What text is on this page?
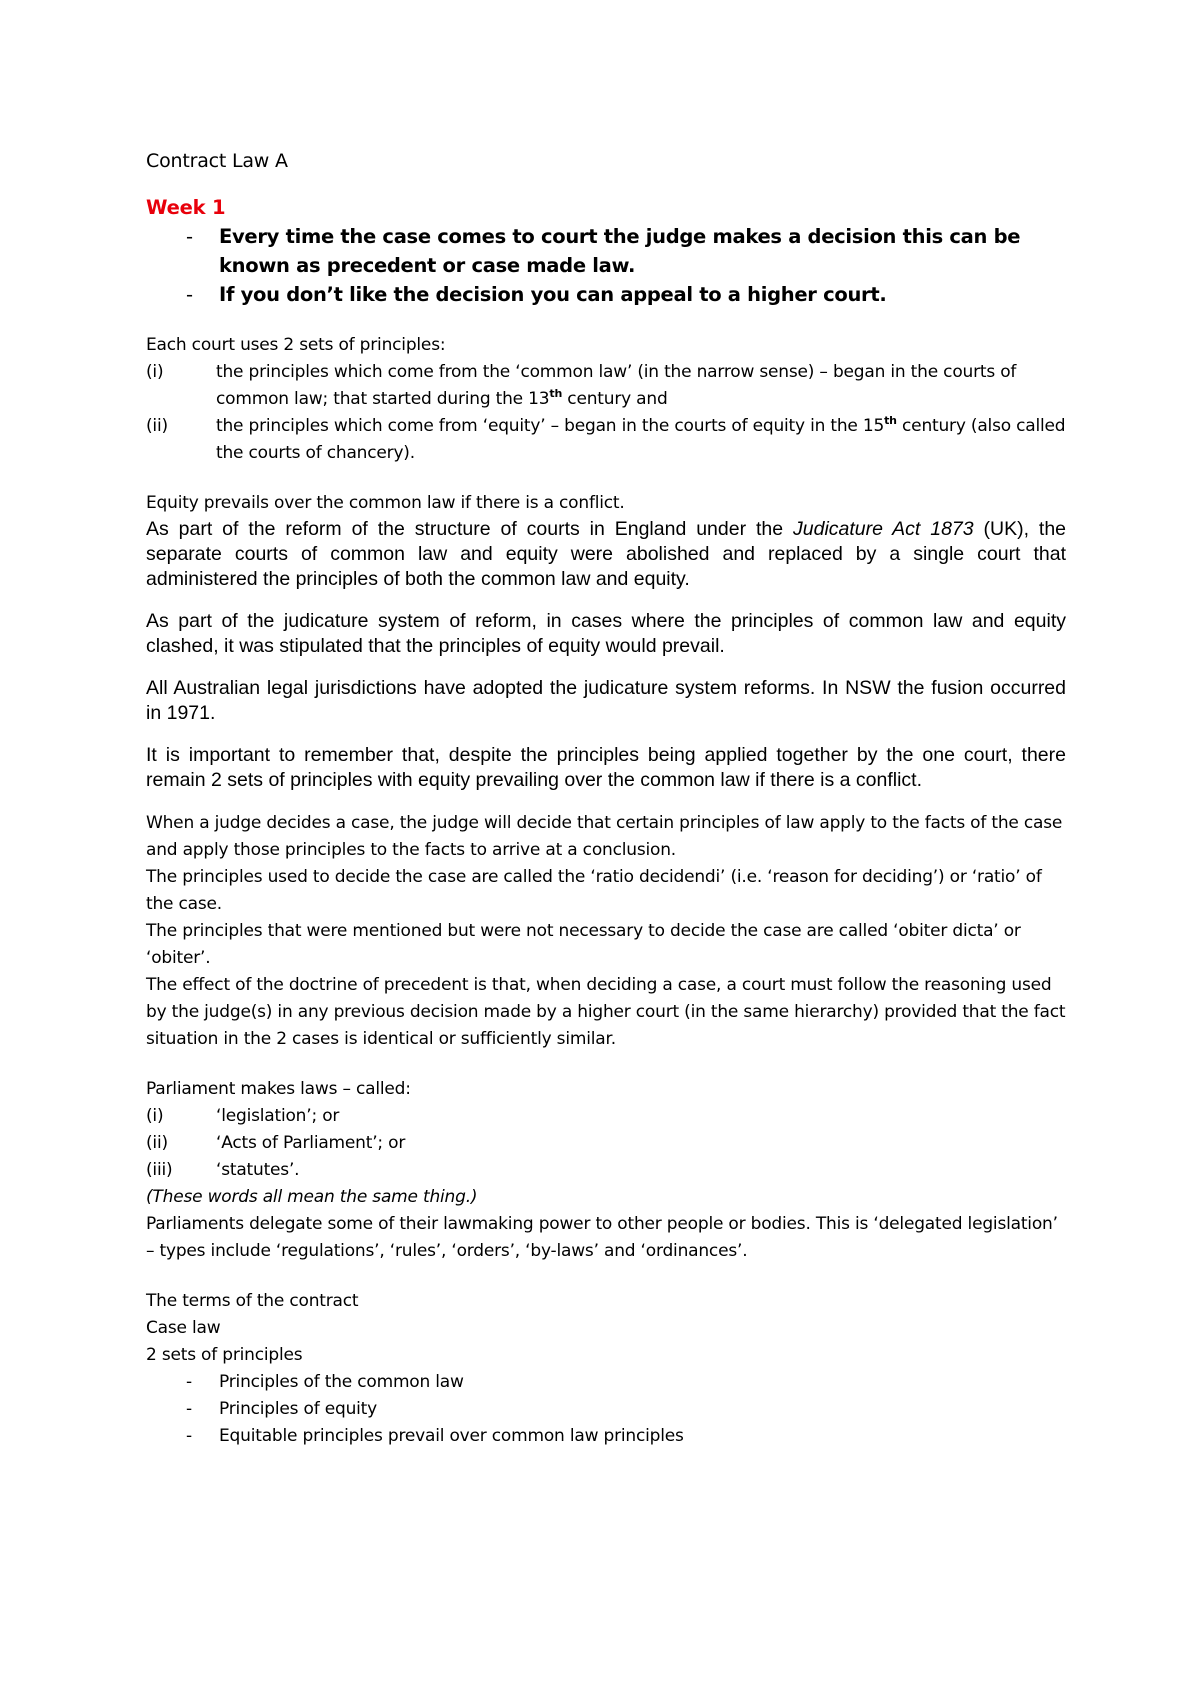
Contract Law A
Week 1
- Every time the case comes to court the judge makes a decision this can be known as precedent or case made law.
- If you don’t like the decision you can appeal to a higher court.
Each court uses 2 sets of principles:
(i)	the principles which come from the ‘common law’ (in the narrow sense) – began in the courts of common law; that started during the 13th century and
(ii)	the principles which come from ‘equity’ – began in the courts of equity in the 15th century (also called the courts of chancery).
Equity prevails over the common law if there is a conflict.

As part of the reform of the structure of courts in England under the Judicature Act 1873 (UK), the separate courts of common law and equity were abolished and replaced by a single court that administered the principles of both the common law and equity.

As part of the judicature system of reform, in cases where the principles of common law and equity clashed, it was stipulated that the principles of equity would prevail.

All Australian legal jurisdictions have adopted the judicature system reforms. In NSW the fusion occurred in 1971.

It is important to remember that, despite the principles being applied together by the one court, there remain 2 sets of principles with equity prevailing over the common law if there is a conflict.

When a judge decides a case, the judge will decide that certain principles of law apply to the facts of the case and apply those principles to the facts to arrive at a conclusion.
The principles used to decide the case are called the ‘ratio decidendi’ (i.e. ‘reason for deciding’) or ‘ratio’ of the case.
The principles that were mentioned but were not necessary to decide the case are called ‘obiter dicta’ or ‘obiter’.
The effect of the doctrine of precedent is that, when deciding a case, a court must follow the reasoning used by the judge(s) in any previous decision made by a higher court (in the same hierarchy) provided that the fact situation in the 2 cases is identical or sufficiently similar.
Parliament makes laws – called:
(i)	‘legislation’; or
(ii)	‘Acts of Parliament’; or
(iii)	‘statutes’.
(These words all mean the same thing.)
Parliaments delegate some of their lawmaking power to other people or bodies. This is ‘delegated legislation’ – types include ‘regulations’, ‘rules’, ‘orders’, ‘by-laws’ and ‘ordinances’.
The terms of the contract
Case law
2 sets of principles
- Principles of the common law
- Principles of equity
- Equitable principles prevail over common law principles
